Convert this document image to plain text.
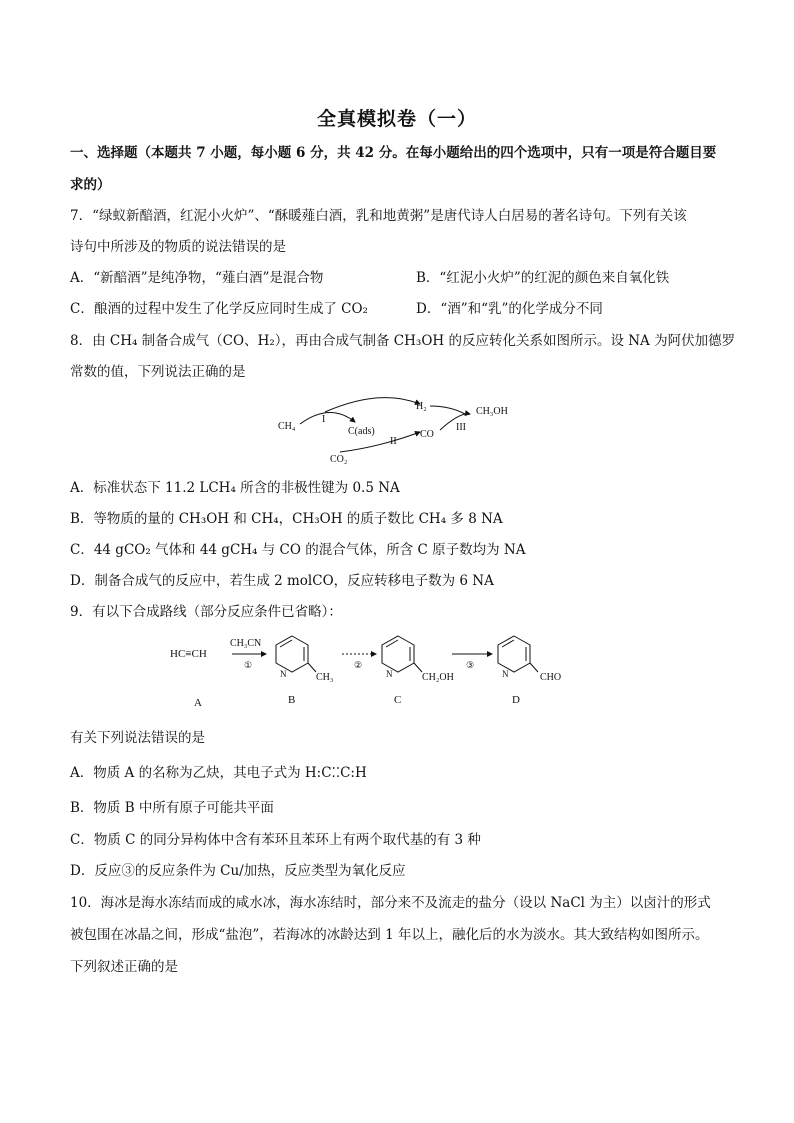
全真模拟卷（一）
一、选择题（本题共 7 小题，每小题 6 分，共 42 分。在每小题给出的四个选项中，只有一项是符合题目要
求的）
7．“绿蚁新醅酒，红泥小火炉”、“酥暖薤白酒，乳和地黄粥”是唐代诗人白居易的著名诗句。下列有关该
诗句中所涉及的物质的说法错误的是
A．“新醅酒”是纯净物，“薤白酒”是混合物	B．“红泥小火炉”的红泥的颜色来自氧化铁
C．酿酒的过程中发生了化学反应同时生成了 CO₂	D．“酒”和“乳”的化学成分不同
8．由 CH₄ 制备合成气（CO、H₂），再由合成气制备 CH₃OH 的反应转化关系如图所示。设 NA 为阿伏加德罗
常数的值，下列说法正确的是
CH₄	C(ads)
CO₂
H₂
CO
CH₃OH
I
II
III
A．标准状态下 11.2 LCH₄ 所含的非极性键为 0.5 NA
B．等物质的量的 CH₃OH 和 CH₄，CH₃OH 的质子数比 CH₄ 多 8 NA
C．44 gCO₂ 气体和 44 gCH₄ 与 CO 的混合气体，所含 C 原子数均为 NA
D．制备合成气的反应中，若生成 2 molCO，反应转移电子数为 6 NA
9．有以下合成路线（部分反应条件已省略）：
HC≡CH
CH₃CN
①
N	CH₃
B
②
N	CH₂OH
C
③
N	CHO
D
A
有关下列说法错误的是
A．物质 A 的名称为乙炔，其电子式为 H:C⁚⁚C:H
B．物质 B 中所有原子可能共平面
C．物质 C 的同分异构体中含有苯环且苯环上有两个取代基的有 3 种
D．反应③的反应条件为 Cu/加热，反应类型为氧化反应
10．海冰是海水冻结而成的咸水冰，海水冻结时，部分来不及流走的盐分（设以 NaCl 为主）以卤汁的形式
被包围在冰晶之间，形成“盐泡”，若海冰的冰龄达到 1 年以上，融化后的水为淡水。其大致结构如图所示。
下列叙述正确的是
